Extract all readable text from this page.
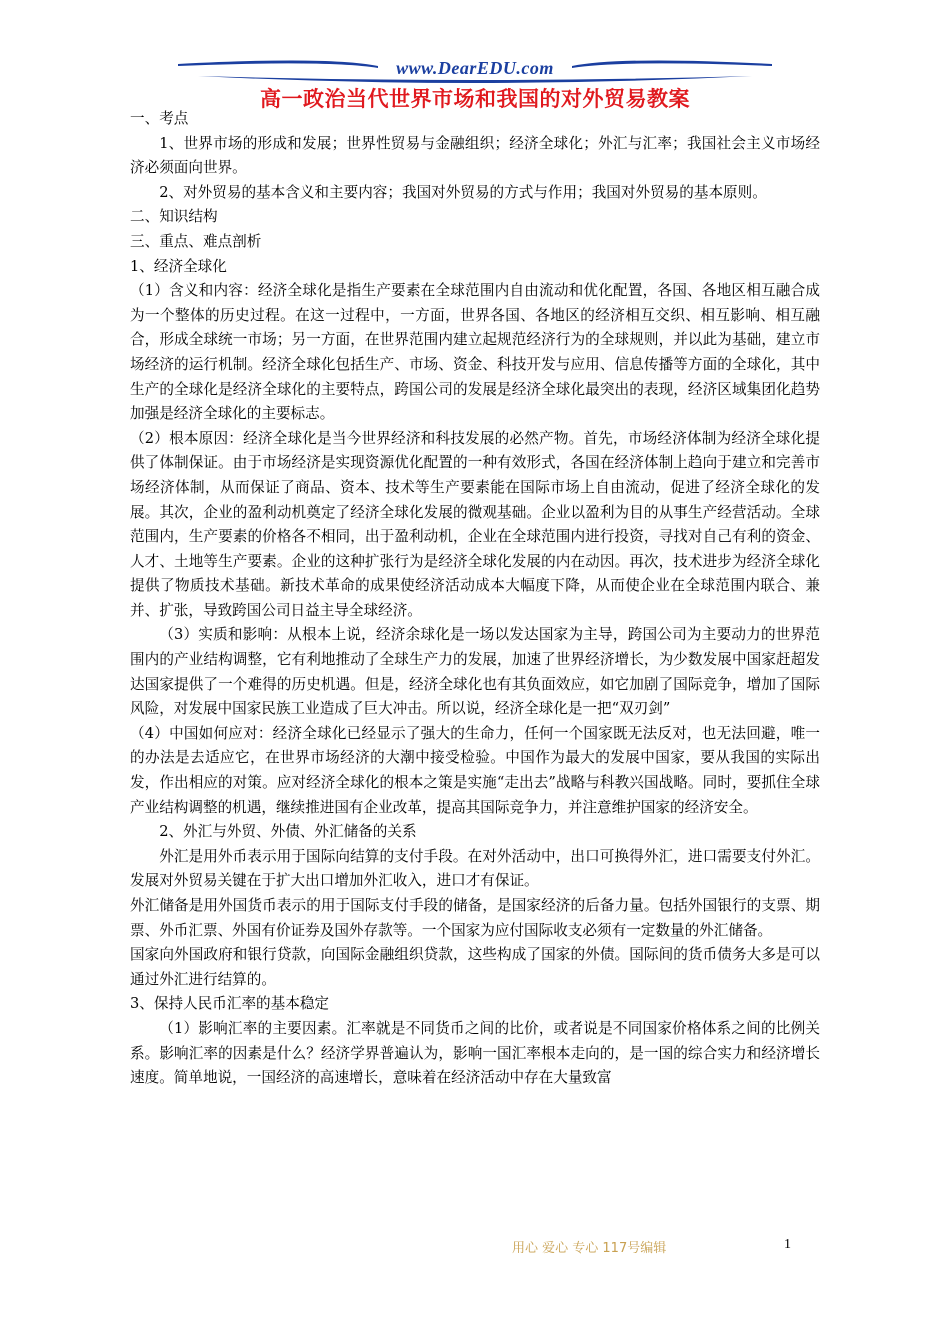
www.DearEDU.com
高一政治当代世界市场和我国的对外贸易教案

一、考点

1、世界市场的形成和发展；世界性贸易与金融组织；经济全球化；外汇与汇率；我国社会主义市场经济必须面向世界。

2、对外贸易的基本含义和主要内容；我国对外贸易的方式与作用；我国对外贸易的基本原则。

二、知识结构

三、重点、难点剖析

1、经济全球化

（1）含义和内容：经济全球化是指生产要素在全球范围内自由流动和优化配置，各国、各地区相互融合成为一个整体的历史过程。在这一过程中，一方面，世界各国、各地区的经济相互交织、相互影响、相互融合，形成全球统一市场；另一方面，在世界范围内建立起规范经济行为的全球规则，并以此为基础，建立市场经济的运行机制。经济全球化包括生产、市场、资金、科技开发与应用、信息传播等方面的全球化，其中生产的全球化是经济全球化的主要特点，跨国公司的发展是经济全球化最突出的表现，经济区域集团化趋势加强是经济全球化的主要标志。

（2）根本原因：经济全球化是当今世界经济和科技发展的必然产物。首先，市场经济体制为经济全球化提供了体制保证。由于市场经济是实现资源优化配置的一种有效形式，各国在经济体制上趋向于建立和完善市场经济体制，从而保证了商品、资本、技术等生产要素能在国际市场上自由流动，促进了经济全球化的发展。其次，企业的盈利动机奠定了经济全球化发展的微观基础。企业以盈利为目的从事生产经营活动。全球范围内，生产要素的价格各不相同，出于盈利动机，企业在全球范围内进行投资，寻找对自己有利的资金、人才、土地等生产要素。企业的这种扩张行为是经济全球化发展的内在动因。再次，技术进步为经济全球化提供了物质技术基础。新技术革命的成果使经济活动成本大幅度下降，从而使企业在全球范围内联合、兼并、扩张，导致跨国公司日益主导全球经济。

（3）实质和影响：从根本上说，经济余球化是一场以发达国家为主导，跨国公司为主要动力的世界范围内的产业结构调整，它有利地推动了全球生产力的发展，加速了世界经济增长，为少数发展中国家赶超发达国家提供了一个难得的历史机遇。但是，经济全球化也有其负面效应，如它加剧了国际竞争，增加了国际风险，对发展中国家民族工业造成了巨大冲击。所以说，经济全球化是一把“双刃剑”

（4）中国如何应对：经济全球化已经显示了强大的生命力，任何一个国家既无法反对，也无法回避，唯一的办法是去适应它，在世界市场经济的大潮中接受检验。中国作为最大的发展中国家，要从我国的实际出发，作出相应的对策。应对经济全球化的根本之策是实施“走出去”战略与科教兴国战略。同时，要抓住全球产业结构调整的机遇，继续推进国有企业改革，提高其国际竞争力，并注意维护国家的经济安全。

2、外汇与外贸、外债、外汇储备的关系

外汇是用外币表示用于国际向结算的支付手段。在对外活动中，出口可换得外汇，进口需要支付外汇。发展对外贸易关键在于扩大出口增加外汇收入，进口才有保证。

外汇储备是用外国货币表示的用于国际支付手段的储备，是国家经济的后备力量。包括外国银行的支票、期票、外币汇票、外国有价证券及国外存款等。一个国家为应付国际收支必须有一定数量的外汇储备。

国家向外国政府和银行贷款，向国际金融组织贷款，这些构成了国家的外债。国际间的货币债务大多是可以通过外汇进行结算的。

3、保持人民币汇率的基本稳定

（1）影响汇率的主要因素。汇率就是不同货币之间的比价，或者说是不同国家价格体系之间的比例关系。影响汇率的因素是什么？经济学界普遍认为，影响一国汇率根本走向的，是一国的综合实力和经济增长速度。简单地说，一国经济的高速增长，意味着在经济活动中存在大量致富

用心 爱心 专心 117号编辑	1
